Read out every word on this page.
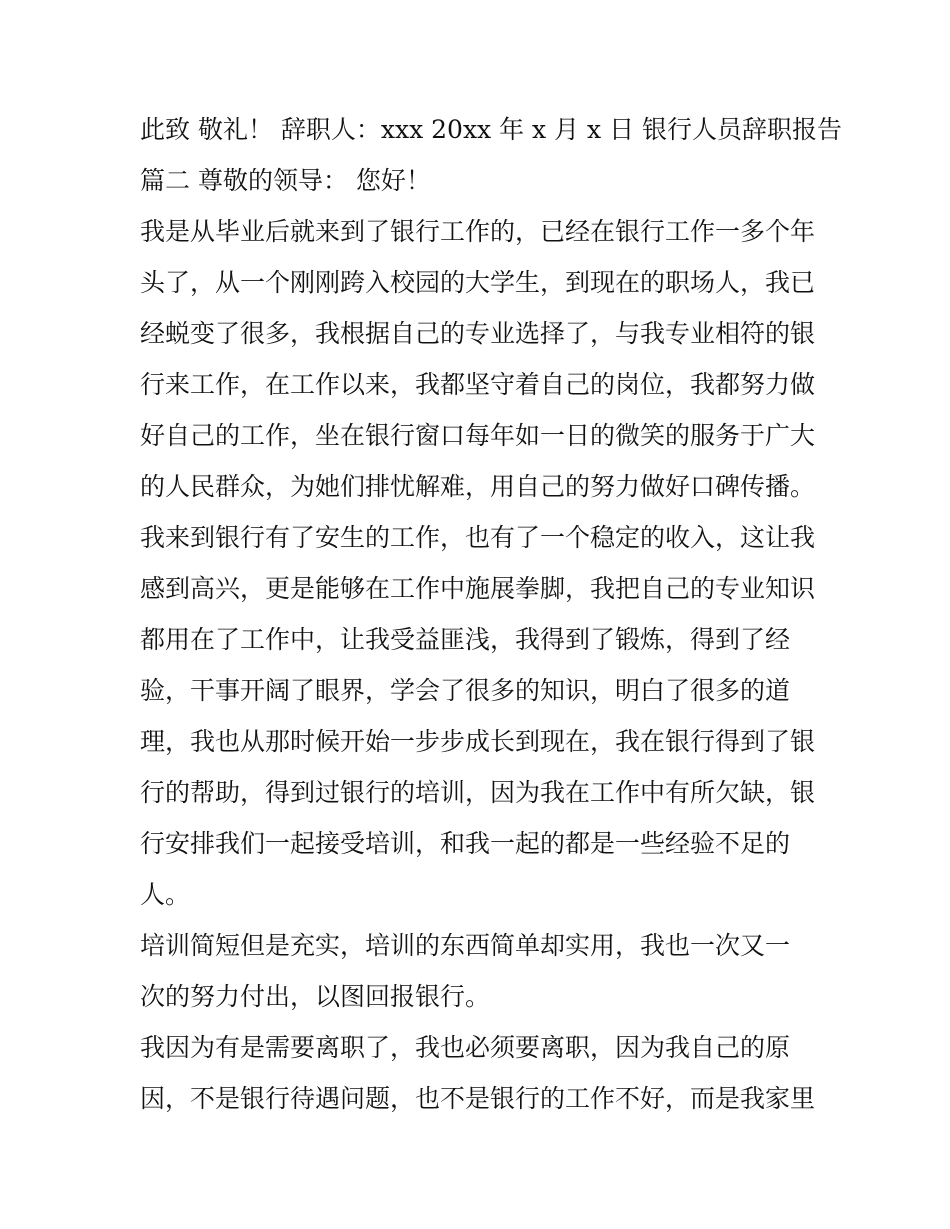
此致 敬礼！ 辞职人：xxx 20xx 年 x 月 x 日 银行人员辞职报告
篇二 尊敬的领导： 您好！
我是从毕业后就来到了银行工作的，已经在银行工作一多个年
头了，从一个刚刚跨入校园的大学生，到现在的职场人，我已
经蜕变了很多，我根据自己的专业选择了，与我专业相符的银
行来工作，在工作以来，我都坚守着自己的岗位，我都努力做
好自己的工作，坐在银行窗口每年如一日的微笑的服务于广大
的人民群众，为她们排忧解难，用自己的努力做好口碑传播。
我来到银行有了安生的工作，也有了一个稳定的收入，这让我
感到高兴，更是能够在工作中施展拳脚，我把自己的专业知识
都用在了工作中，让我受益匪浅，我得到了锻炼，得到了经
验，干事开阔了眼界，学会了很多的知识，明白了很多的道
理，我也从那时候开始一步步成长到现在，我在银行得到了银
行的帮助，得到过银行的培训，因为我在工作中有所欠缺，银
行安排我们一起接受培训，和我一起的都是一些经验不足的
人。
培训简短但是充实，培训的东西简单却实用，我也一次又一
次的努力付出，以图回报银行。
我因为有是需要离职了，我也必须要离职，因为我自己的原
因，不是银行待遇问题，也不是银行的工作不好，而是我家里
